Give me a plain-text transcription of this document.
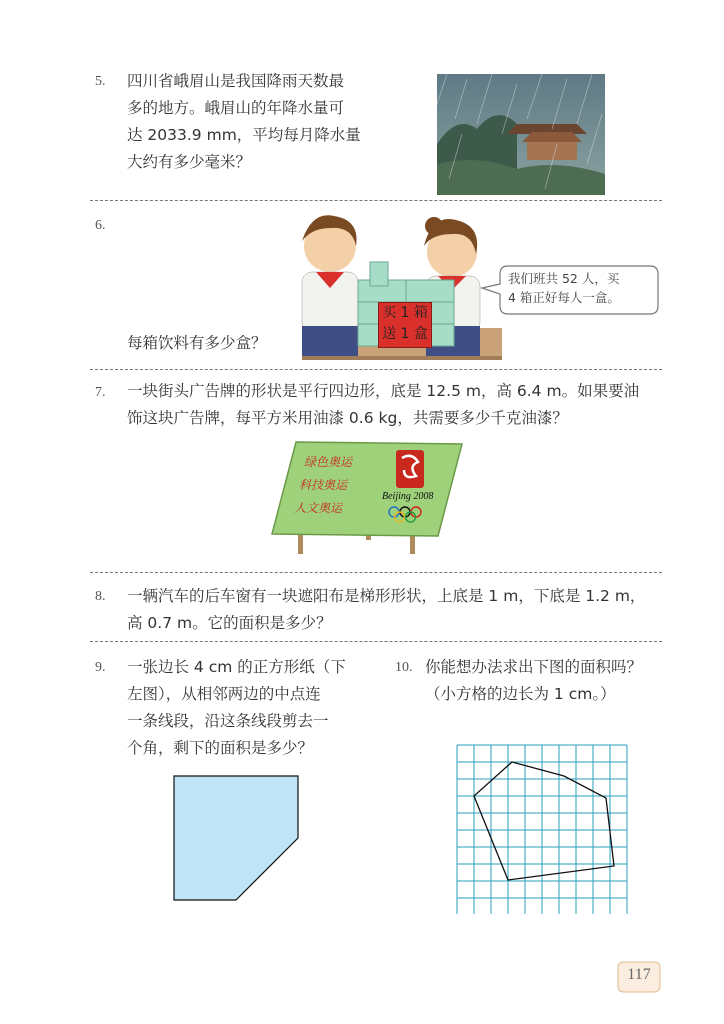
5. 四川省峨眉山是我国降雨天数最
多的地方。峨眉山的年降水量可
达 2033.9 mm，平均每月降水量
大约有多少毫米？
6.
每箱饮料有多少盒？
买 1 箱
送 1 盒
我们班共 52 人，买
4 箱正好每人一盒。
7. 一块街头广告牌的形状是平行四边形，底是 12.5 m，高 6.4 m。如果要油
饰这块广告牌，每平方米用油漆 0.6 kg，共需要多少千克油漆？
绿色奥运
科技奥运
人文奥运
Beijing 2008
8. 一辆汽车的后车窗有一块遮阳布是梯形形状，上底是 1 m，下底是 1.2 m，
高 0.7 m。它的面积是多少？
9. 一张边长 4 cm 的正方形纸（下
左图），从相邻两边的中点连
一条线段，沿这条线段剪去一
个角，剩下的面积是多少？
10. 你能想办法求出下图的面积吗？
（小方格的边长为 1 cm。）
117
